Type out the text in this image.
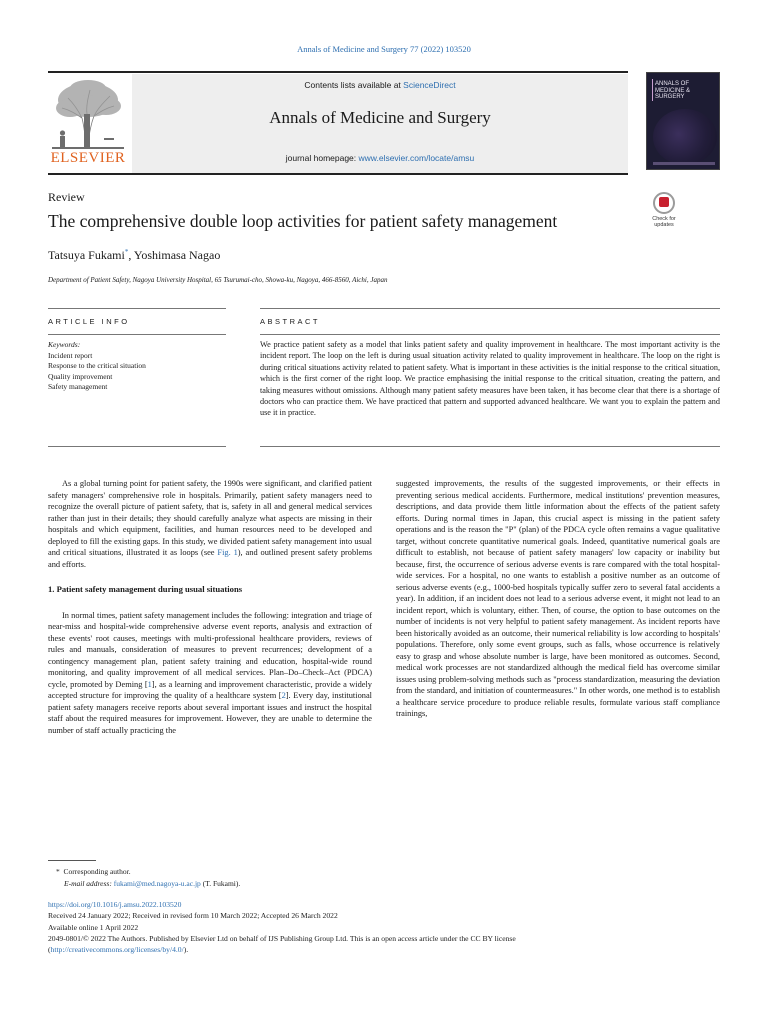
Annals of Medicine and Surgery 77 (2022) 103520
ELSEVIER
Contents lists available at ScienceDirect
Annals of Medicine and Surgery
journal homepage: www.elsevier.com/locate/amsu
ANNALS OF MEDICINE & SURGERY
Review
The comprehensive double loop activities for patient safety management	Check for updates
Tatsuya Fukami*, Yoshimasa Nagao
Department of Patient Safety, Nagoya University Hospital, 65 Tsurumai-cho, Showa-ku, Nagoya, 466-8560, Aichi, Japan
ARTICLE INFO	ABSTRACT
Keywords:
Incident report
Response to the critical situation
Quality improvement
Safety management
We practice patient safety as a model that links patient safety and quality improvement in healthcare. The most important activity is the incident report. The loop on the left is during usual situation activity related to quality improvement in healthcare. The loop on the right is during critical situations activity related to patient safety. What is important in these activities is the initial response to the critical situation, which is the first corner of the right loop. We practice emphasising the initial response to the critical situation, creating the pattern, and taking measures without omissions. Although many patient safety measures have been taken, it has become clear that there is a shortage of doctors who can practice them. We have practiced that pattern and supported advanced healthcare. We want you to explain the pattern and use it in practice.

As a global turning point for patient safety, the 1990s were significant, and clarified patient safety managers' comprehensive role in hospitals. Primarily, patient safety managers need to recognize the overall picture of patient safety, that is, safety in all and general medical services rather than just in their details; they should carefully analyze what aspects are missing in their hospitals and which equipment, facilities, and human resources need to be developed and deployed to fill the existing gaps. In this study, we divided patient safety management into usual and critical situations, illustrated it as loops (see Fig. 1), and outlined present safety problems and efforts.

1. Patient safety management during usual situations

In normal times, patient safety management includes the following: integration and triage of near-miss and hospital-wide comprehensive adverse event reports, analysis and extraction of these events' root causes, meetings with multi-professional healthcare providers, reviews of rules and manuals, consideration of measures to prevent recurrences; development of a contingency management plan, patient safety training and education, hospital-wide round monitoring, and quality improvement of all medical services. Plan–Do–Check–Act (PDCA) cycle, promoted by Deming [1], as a learning and improvement characteristic, provide a widely accepted structure for improving the quality of a healthcare system [2]. Every day, institutional patient safety managers receive reports about several important issues and instruct the hospital staff about the required measures for improvement. However, they are unable to determine the number of staff actually practicing the

suggested improvements, the results of the suggested improvements, or their effects in preventing serious medical accidents. Furthermore, medical institutions' prevention measures, descriptions, and data provide them little information about the effects of the patient safety efforts. During normal times in Japan, this crucial aspect is missing in the patient safety operations and is the reason the "P" (plan) of the PDCA cycle often remains a vague qualitative target, without concrete quantitative numerical goals. Indeed, quantitative numerical goals are difficult to establish, not because of patient safety managers' low capacity or inability but because, first, the occurrence of serious adverse events is rare compared with the total hospital-wide services. For a hospital, no one wants to establish a positive number as an outcome of serious adverse events (e.g., 1000-bed hospitals typically suffer zero to several fatal accidents a year). In addition, if an incident does not lead to a serious adverse event, it might not lead to an incident report, which is voluntary, either. Then, of course, the option to base outcomes on the number of incidents is not very helpful to patient safety management. As incident reports have been historically avoided as an outcome, their numerical reliability is low according to hospitals' populations. Therefore, only some event groups, such as falls, whose occurrence is relatively easy to grasp and whose absolute number is large, have been monitored as outcomes. Second, medical work processes are not standardized although the medical field has overcome similar issues using problem-solving methods such as "process standardization, measuring the deviation from the standard, and initiation of countermeasures." In other words, one method is to establish a healthcare service procedure to produce reliable results, formulate various staff compliance trainings,
* Corresponding author.
E-mail address: fukami@med.nagoya-u.ac.jp (T. Fukami).
https://doi.org/10.1016/j.amsu.2022.103520
Received 24 January 2022; Received in revised form 10 March 2022; Accepted 26 March 2022
Available online 1 April 2022
2049-0801/© 2022 The Authors. Published by Elsevier Ltd on behalf of IJS Publishing Group Ltd. This is an open access article under the CC BY license
(http://creativecommons.org/licenses/by/4.0/).
